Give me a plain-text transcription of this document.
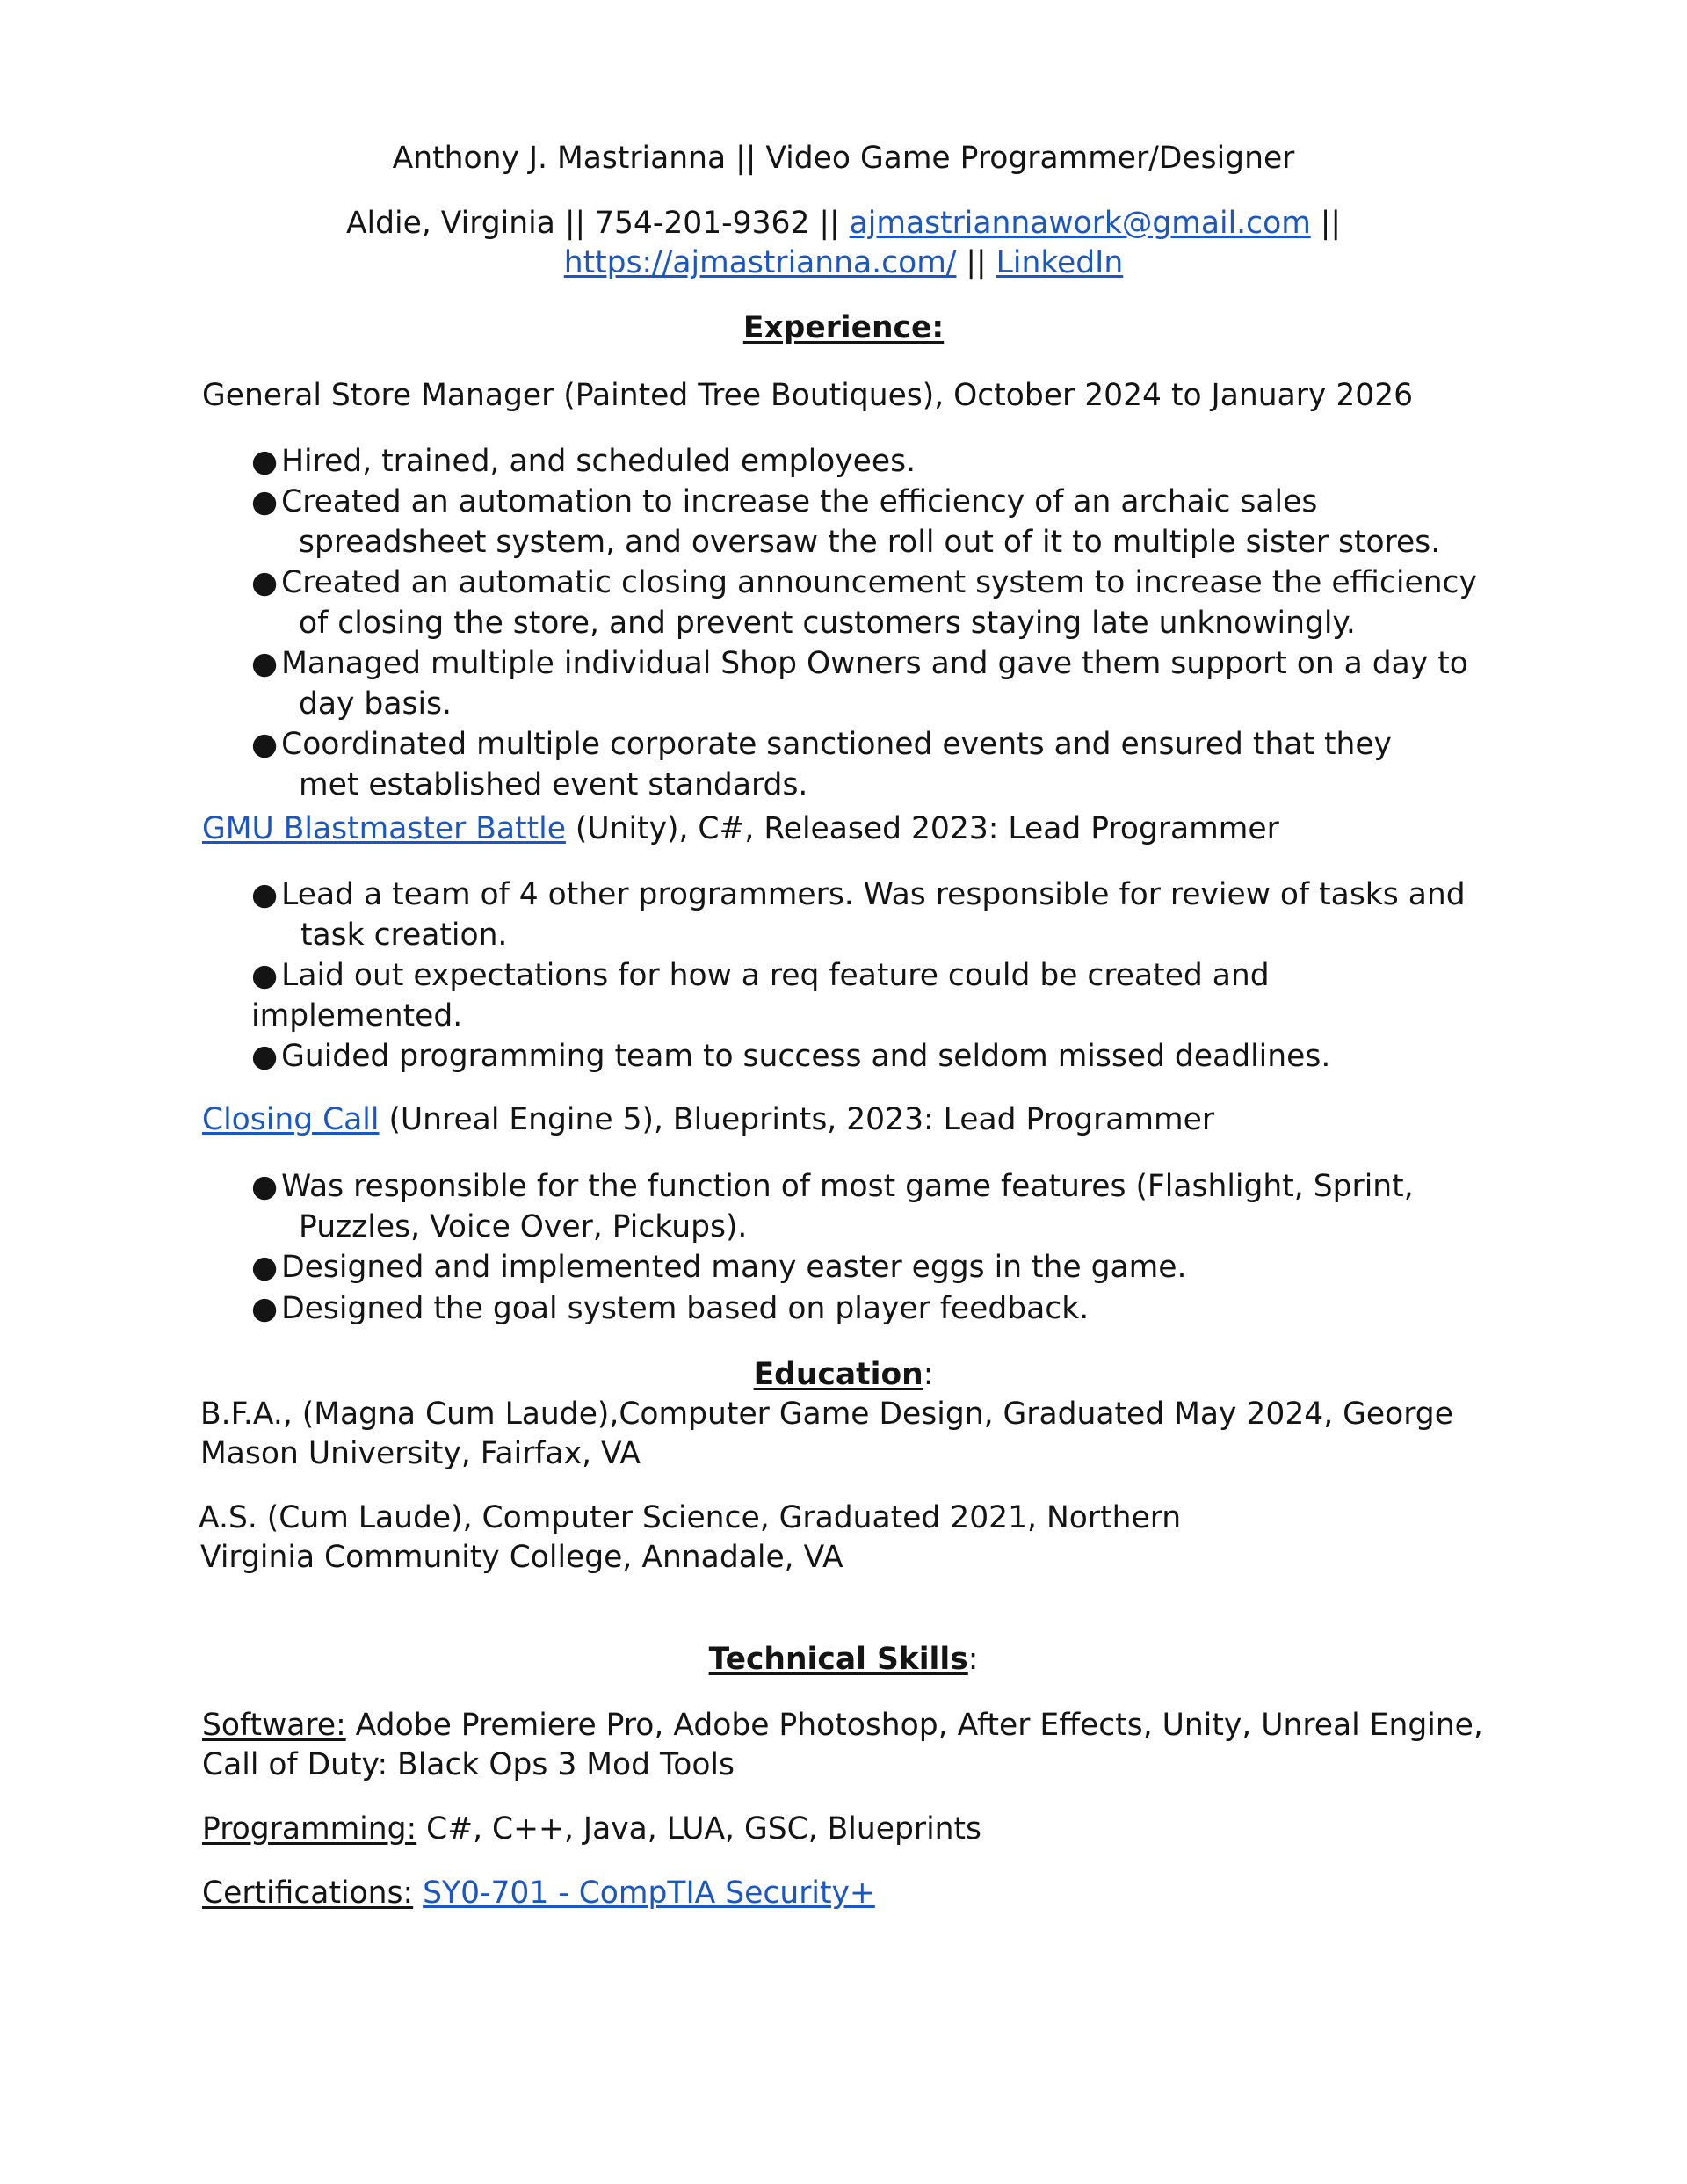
Anthony J. Mastrianna || Video Game Programmer/Designer
Aldie, Virginia || 754-201-9362 || ajmastriannawork@gmail.com ||
https://ajmastrianna.com/ || LinkedIn
Experience:
General Store Manager (Painted Tree Boutiques), October 2024 to January 2026
● Hired, trained, and scheduled employees.
● Created an automation to increase the efficiency of an archaic sales
spreadsheet system, and oversaw the roll out of it to multiple sister stores.
● Created an automatic closing announcement system to increase the efficiency
of closing the store, and prevent customers staying late unknowingly.
● Managed multiple individual Shop Owners and gave them support on a day to
day basis.
● Coordinated multiple corporate sanctioned events and ensured that they
met established event standards.
GMU Blastmaster Battle (Unity), C#, Released 2023: Lead Programmer
● Lead a team of 4 other programmers. Was responsible for review of tasks and
task creation.
● Laid out expectations for how a req feature could be created and
implemented.
● Guided programming team to success and seldom missed deadlines.
Closing Call (Unreal Engine 5), Blueprints, 2023: Lead Programmer
● Was responsible for the function of most game features (Flashlight, Sprint,
Puzzles, Voice Over, Pickups).
● Designed and implemented many easter eggs in the game.
● Designed the goal system based on player feedback.
Education:
B.F.A., (Magna Cum Laude),Computer Game Design, Graduated May 2024, George
Mason University, Fairfax, VA
A.S. (Cum Laude), Computer Science, Graduated 2021, Northern
Virginia Community College, Annadale, VA
Technical Skills:
Software: Adobe Premiere Pro, Adobe Photoshop, After Effects, Unity, Unreal Engine,
Call of Duty: Black Ops 3 Mod Tools
Programming: C#, C++, Java, LUA, GSC, Blueprints
Certifications: SY0-701 - CompTIA Security+
